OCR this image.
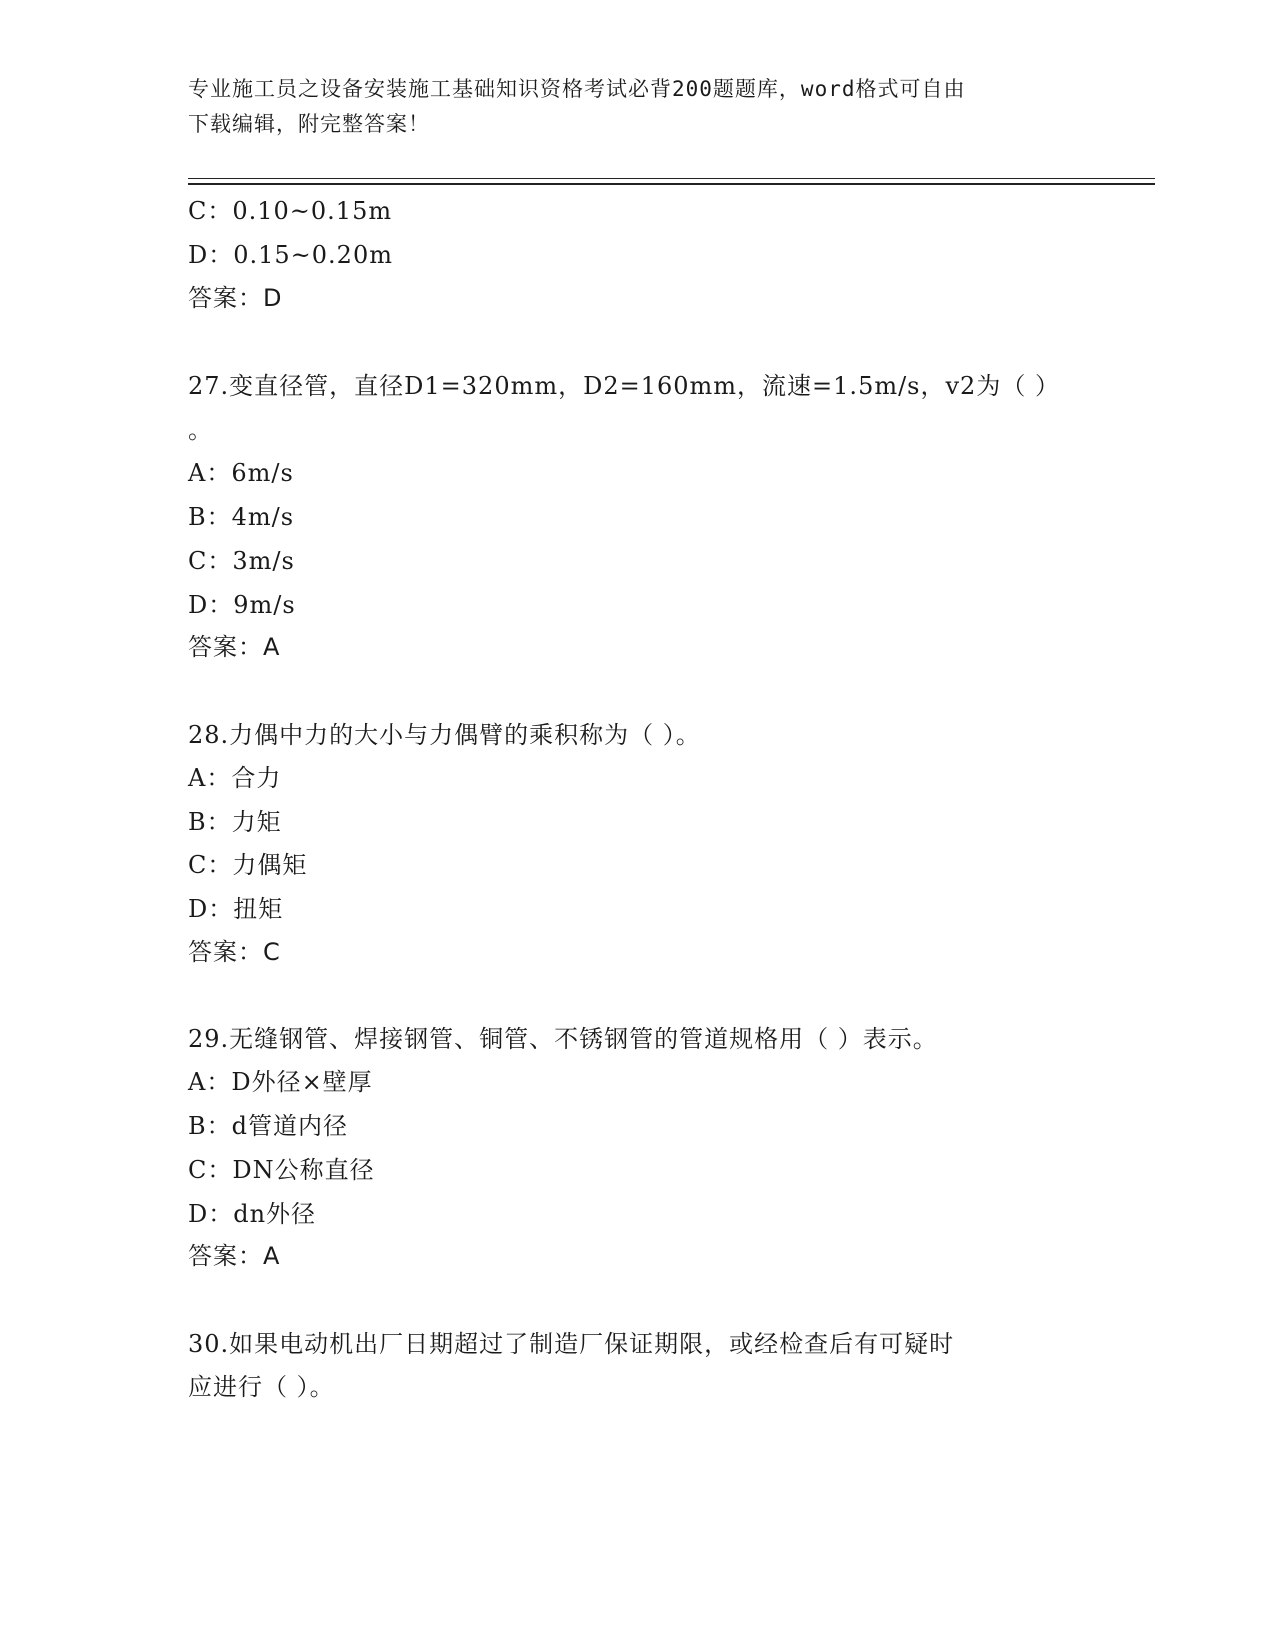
专业施工员之设备安装施工基础知识资格考试必背200题题库，word格式可自由
下载编辑，附完整答案！
C：0.10~0.15m
D：0.15~0.20m
答案：D
27.变直径管，直径D1=320mm，D2=160mm，流速=1.5m/s，v2为（ ）
。
A：6m/s
B：4m/s
C：3m/s
D：9m/s
答案：A
28.力偶中力的大小与力偶臂的乘积称为（ ）。
A：合力
B：力矩
C：力偶矩
D：扭矩
答案：C
29.无缝钢管、焊接钢管、铜管、不锈钢管的管道规格用（ ）表示。
A：D外径×壁厚
B：d管道内径
C：DN公称直径
D：dn外径
答案：A
30.如果电动机出厂日期超过了制造厂保证期限，或经检查后有可疑时
应进行（ ）。
